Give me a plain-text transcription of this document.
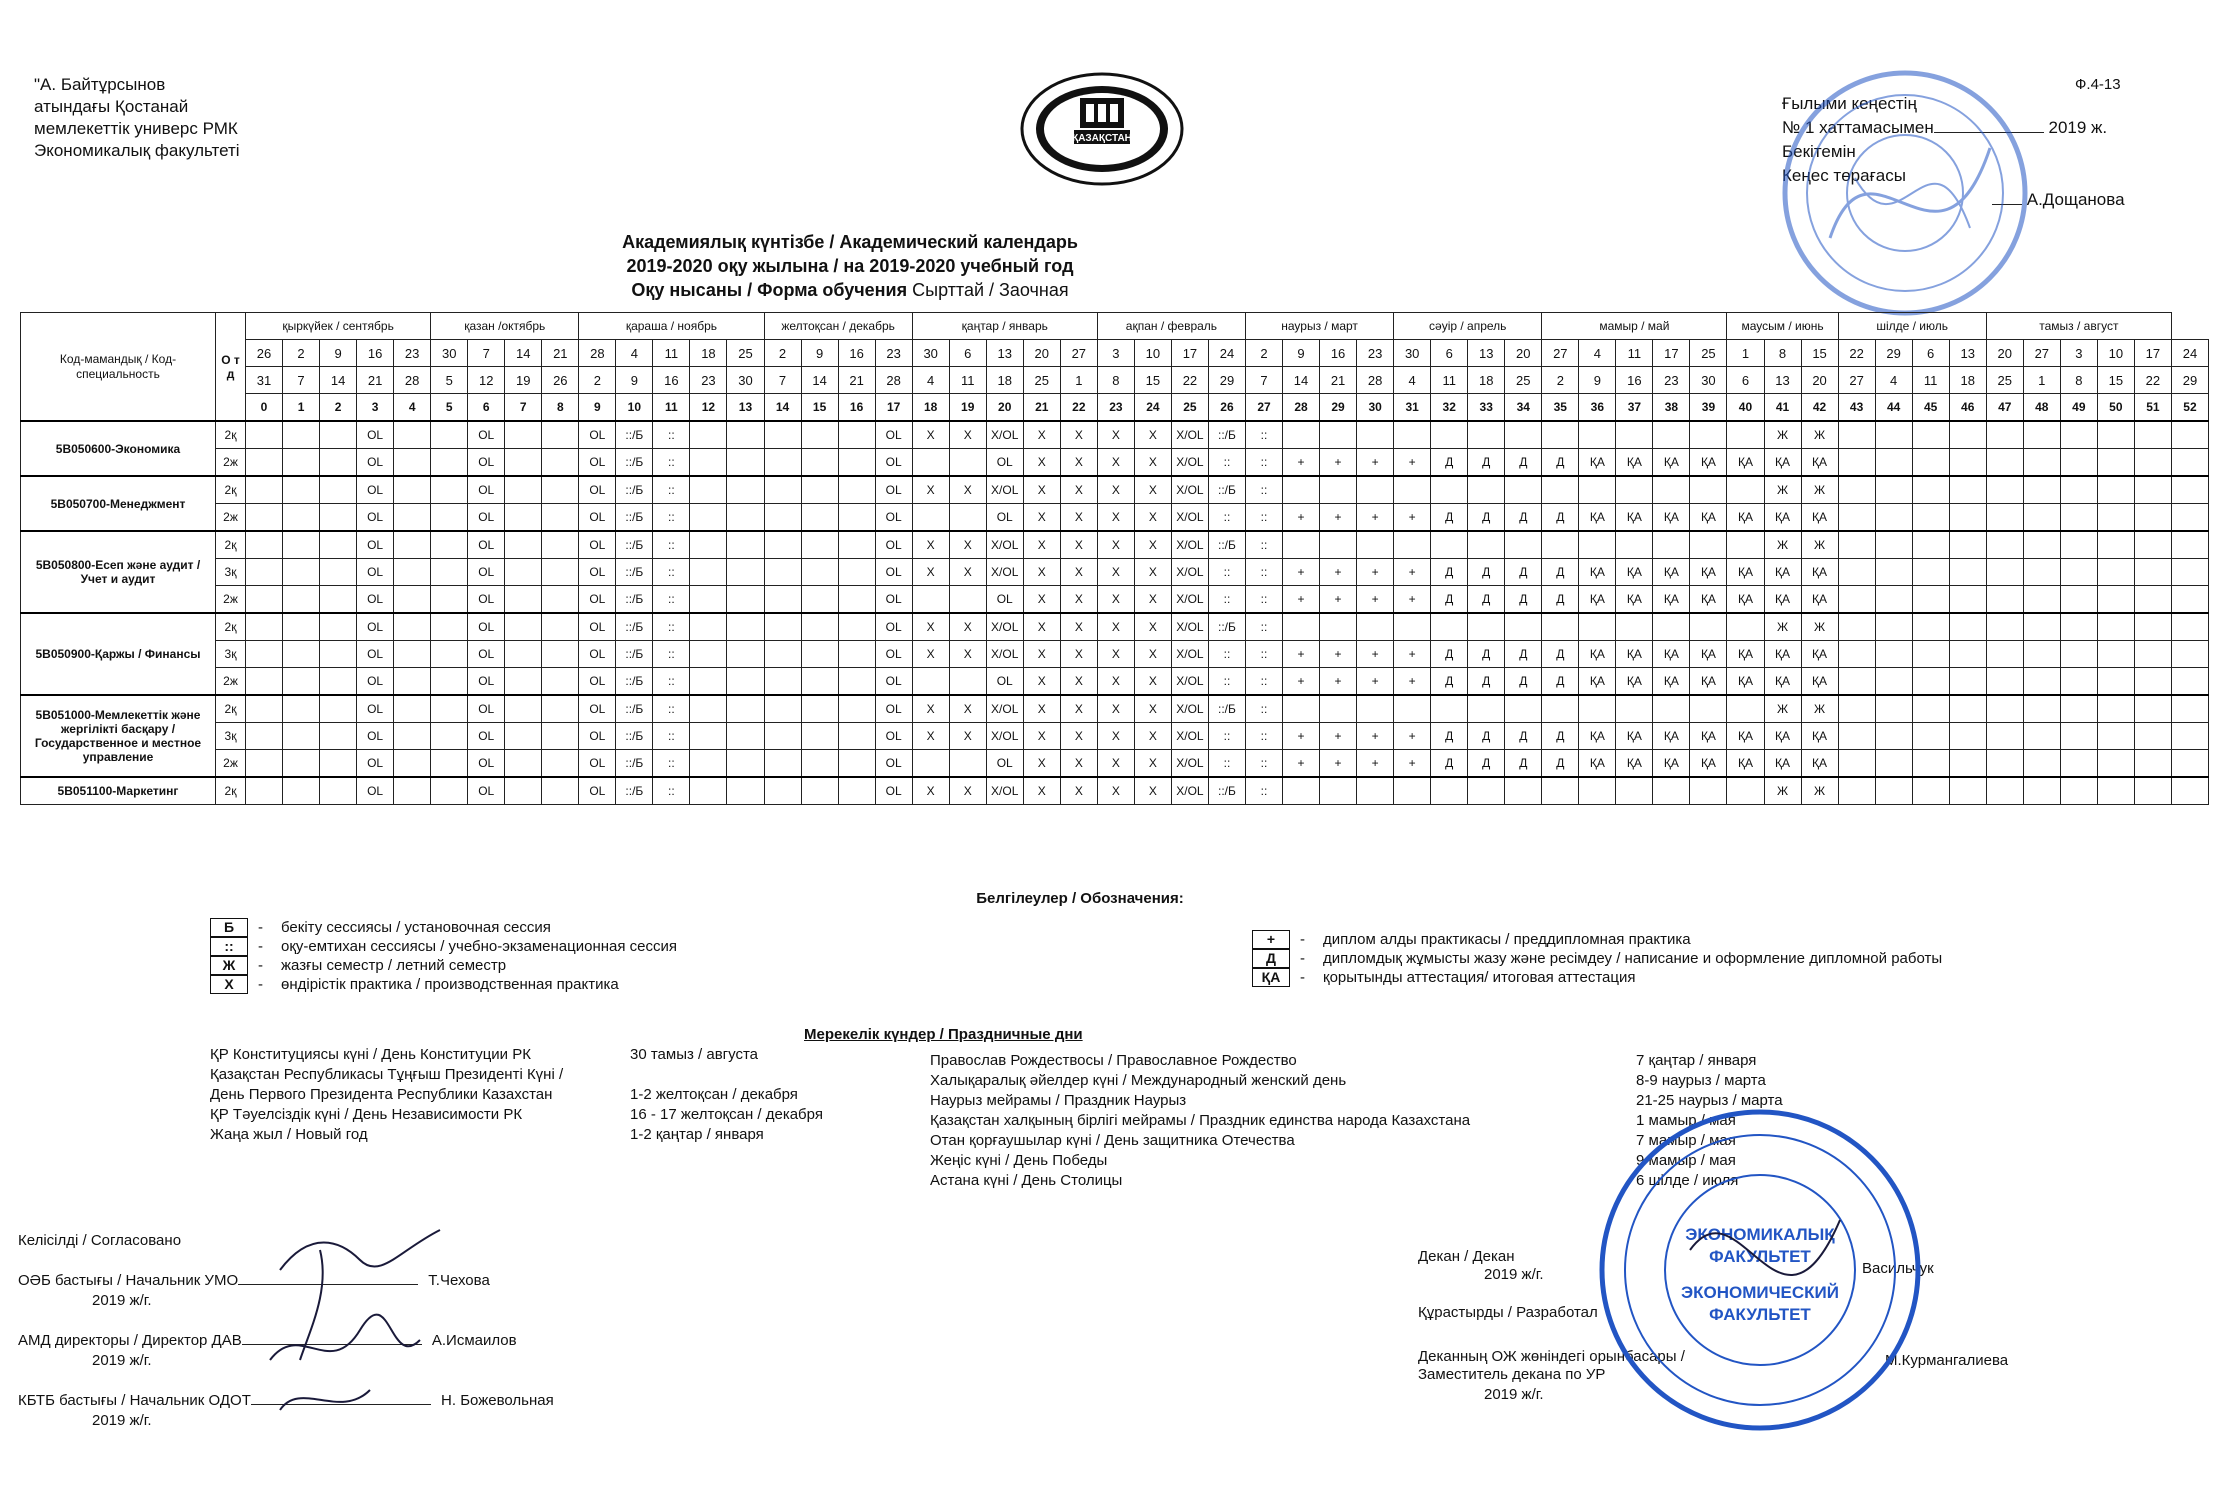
"А. Байтұрсынов
атындағы Қостанай
мемлекеттік универс РМК
Экономикалық факультеті
ҚАЗАҚСТАН
Ф.4-13
Ғылыми кеңестің
№ 1 хаттамасымен	2019 ж.
Бекітемін
Кеңес төрағасы
А.Дощанова
Академиялық күнтізбе / Академический календарь
2019-2020 оқу жылына / на 2019-2020 учебный год
Оқу нысаны / Форма обучения Сырттай / Заочная
Код-мамандық / Код-специальность	О т д	қыркүйек / сентябрь					қазан /октябрь				қараша / ноябрь					желтоқсан / декабрь				қаңтар / январь					ақпан / февраль				наурыз / март				сәуір / апрель				мамыр / май					маусым / июнь			шілде / июль				тамыз / август					
		26	2	9	16	23	30	7	14	21	28	4	11	18	25	2	9	16	23	30	6	13	20	27	3	10	17	24	2	9	16	23	30	6	13	20	27	4	11	17	25	1	8	15	22	29	6	13	20	27	3	10	17	24
		31	7	14	21	28	5	12	19	26	2	9	16	23	30	7	14	21	28	4	11	18	25	1	8	15	22	29	7	14	21	28	4	11	18	25	2	9	16	23	30	6	13	20	27	4	11	18	25	1	8	15	22	29
		0	1	2	3	4	5	6	7	8	9	10	11	12	13	14	15	16	17	18	19	20	21	22	23	24	25	26	27	28	29	30	31	32	33	34	35	36	37	38	39	40	41	42	43	44	45	46	47	48	49	50	51	52
5В050600-Экономика	2қ				OL			OL			OL	::/Б	::						OL	X	X	X/OL	X	X	X	X	X/OL	::/Б	::														Ж	Ж										
	2ж				OL			OL			OL	::/Б	::						OL			OL	X	X	X	X	X/OL	::	::	+	+	+	+	Д	Д	Д	Д	ҚА	ҚА	ҚА	ҚА	ҚА	ҚА	ҚА										
5В050700-Менеджмент	2қ				OL			OL			OL	::/Б	::						OL	X	X	X/OL	X	X	X	X	X/OL	::/Б	::														Ж	Ж										
	2ж				OL			OL			OL	::/Б	::						OL			OL	X	X	X	X	X/OL	::	::	+	+	+	+	Д	Д	Д	Д	ҚА	ҚА	ҚА	ҚА	ҚА	ҚА	ҚА										
5В050800-Есеп және аудит / Учет и аудит	2қ				OL			OL			OL	::/Б	::						OL	X	X	X/OL	X	X	X	X	X/OL	::/Б	::														Ж	Ж										
	3қ				OL			OL			OL	::/Б	::						OL	X	X	X/OL	X	X	X	X	X/OL	::	::	+	+	+	+	Д	Д	Д	Д	ҚА	ҚА	ҚА	ҚА	ҚА	ҚА	ҚА										
	2ж				OL			OL			OL	::/Б	::						OL			OL	X	X	X	X	X/OL	::	::	+	+	+	+	Д	Д	Д	Д	ҚА	ҚА	ҚА	ҚА	ҚА	ҚА	ҚА										
5В050900-Қаржы / Финансы	2қ				OL			OL			OL	::/Б	::						OL	X	X	X/OL	X	X	X	X	X/OL	::/Б	::														Ж	Ж										
	3қ				OL			OL			OL	::/Б	::						OL	X	X	X/OL	X	X	X	X	X/OL	::	::	+	+	+	+	Д	Д	Д	Д	ҚА	ҚА	ҚА	ҚА	ҚА	ҚА	ҚА										
	2ж				OL			OL			OL	::/Б	::						OL			OL	X	X	X	X	X/OL	::	::	+	+	+	+	Д	Д	Д	Д	ҚА	ҚА	ҚА	ҚА	ҚА	ҚА	ҚА										
5В051000-Мемлекеттік және жергілікті басқару / Государственное и местное управление	2қ				OL			OL			OL	::/Б	::						OL	X	X	X/OL	X	X	X	X	X/OL	::/Б	::														Ж	Ж										
	3қ				OL			OL			OL	::/Б	::						OL	X	X	X/OL	X	X	X	X	X/OL	::	::	+	+	+	+	Д	Д	Д	Д	ҚА	ҚА	ҚА	ҚА	ҚА	ҚА	ҚА										
	2ж				OL			OL			OL	::/Б	::						OL			OL	X	X	X	X	X/OL	::	::	+	+	+	+	Д	Д	Д	Д	ҚА	ҚА	ҚА	ҚА	ҚА	ҚА	ҚА										
5В051100-Маркетинг	2қ				OL			OL			OL	::/Б	::						OL	X	X	X/OL	X	X	X	X	X/OL	::/Б	::														Ж	Ж										
Белгілеулер / Обозначения:
Б	- бекіту сессиясы / установочная сессия
::	- оқу-емтихан сессиясы / учебно-экзаменационная сессия
Ж	- жазғы семестр / летний семестр
X	- өндірістік практика / производственная практика
+	- диплом алды практикасы / преддипломная практика
Д	- дипломдық жұмысты жазу және ресімдеу / написание и оформление дипломной работы
ҚА	- қорытынды аттестация/ итоговая аттестация
Мерекелік күндер / Праздничные дни
ҚР Конституциясы күні / День Конституции РК	30 тамыз / августа
Қазақстан Республикасы Тұңғыш Президенті Күні /
День Первого Президента Республики Казахстан	1-2 желтоқсан / декабря
ҚР Тәуелсіздік күні / День Независимости РК	16 - 17 желтоқсан / декабря
Жаңа жыл / Новый год	1-2 қаңтар / января
Православ Рождествосы / Православное Рождество	7 қаңтар / января
Халықаралық әйелдер күні / Международный женский день	8-9 наурыз / марта
Наурыз мейрамы / Праздник Наурыз	21-25 наурыз / марта
Қазақстан халқының бірлігі мейрамы / Праздник единства народа Казахстана	1 мамыр / мая
Отан қорғаушылар күні / День защитника Отечества	7 мамыр / мая
Жеңіс күні / День Победы	9 мамыр / мая
Астана күні / День Столицы	6 шілде / июля
Келісілді / Согласовано
ОӘБ бастығы / Начальник УМО	Т.Чехова
2019 ж/г.
АМД директоры / Директор ДАВ	А.Исмаилов
2019 ж/г.
КБТБ бастығы / Начальник ОДОТ	Н. Божевольная
2019 ж/г.
Декан / Декан
Васильчук
2019 ж/г.
Құрастырды / Разработал
Деканның ОЖ жөніндегі орынбасары / Заместитель декана по УР
М.Курмангалиева
2019 ж/г.
ЭКОНОМИКАЛЫҚ
ФАКУЛЬТЕТ
ЭКОНОМИЧЕСКИЙ
ФАКУЛЬТЕТ
